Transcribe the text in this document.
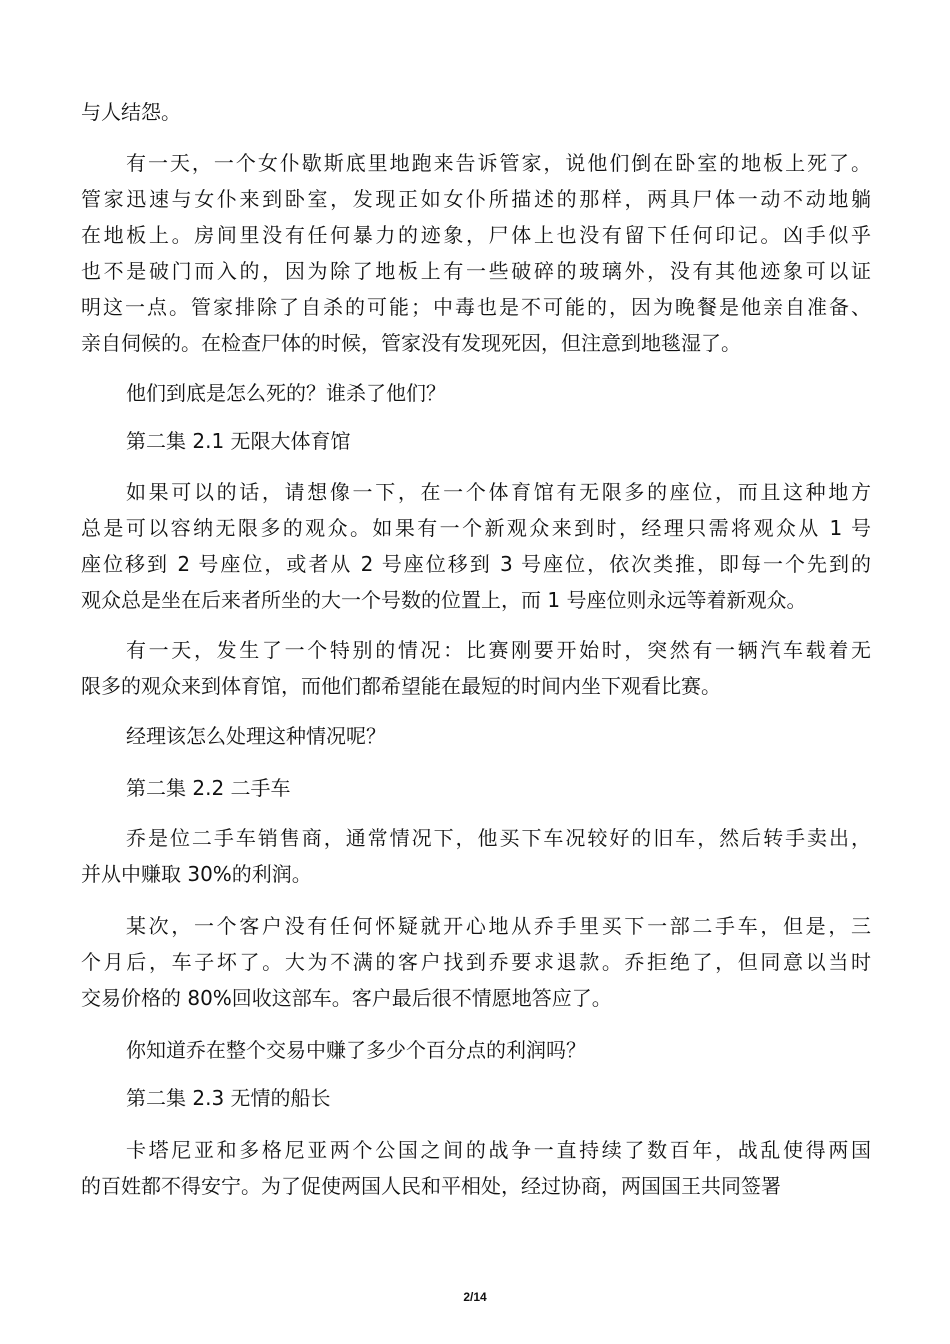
与人结怨。
有一天，一个女仆歇斯底里地跑来告诉管家，说他们倒在卧室的地板上死了。
管家迅速与女仆来到卧室，发现正如女仆所描述的那样，两具尸体一动不动地躺
在地板上。房间里没有任何暴力的迹象，尸体上也没有留下任何印记。凶手似乎
也不是破门而入的，因为除了地板上有一些破碎的玻璃外，没有其他迹象可以证
明这一点。管家排除了自杀的可能；中毒也是不可能的，因为晚餐是他亲自准备、
亲自伺候的。在检查尸体的时候，管家没有发现死因，但注意到地毯湿了。
他们到底是怎么死的？谁杀了他们？
第二集 2.1 无限大体育馆
如果可以的话，请想像一下，在一个体育馆有无限多的座位，而且这种地方
总是可以容纳无限多的观众。如果有一个新观众来到时，经理只需将观众从 1 号
座位移到 2 号座位，或者从 2 号座位移到 3 号座位，依次类推，即每一个先到的
观众总是坐在后来者所坐的大一个号数的位置上，而 1 号座位则永远等着新观众。
有一天，发生了一个特别的情况：比赛刚要开始时，突然有一辆汽车载着无
限多的观众来到体育馆，而他们都希望能在最短的时间内坐下观看比赛。
经理该怎么处理这种情况呢？
第二集 2.2 二手车
乔是位二手车销售商，通常情况下，他买下车况较好的旧车，然后转手卖出，
并从中赚取 30%的利润。
某次，一个客户没有任何怀疑就开心地从乔手里买下一部二手车，但是，三
个月后，车子坏了。大为不满的客户找到乔要求退款。乔拒绝了，但同意以当时
交易价格的 80%回收这部车。客户最后很不情愿地答应了。
你知道乔在整个交易中赚了多少个百分点的利润吗？
第二集 2.3 无情的船长
卡塔尼亚和多格尼亚两个公国之间的战争一直持续了数百年，战乱使得两国
的百姓都不得安宁。为了促使两国人民和平相处，经过协商，两国国王共同签署
2/14
